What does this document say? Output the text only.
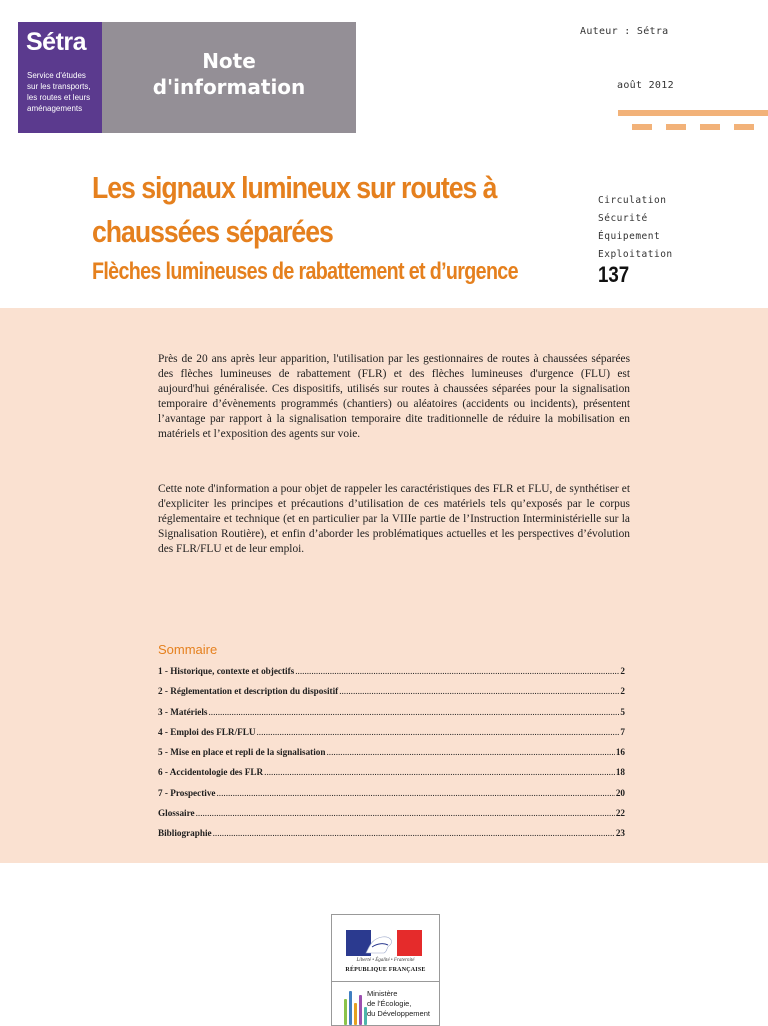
Sétra
Service d'études sur les transports, les routes et leurs aménagements
Note
d'information
Auteur : Sétra
août 2012
Les signaux lumineux sur routes à
chaussées séparées
Flèches lumineuses de rabattement et d’urgence
Circulation
Sécurité
Équipement
Exploitation
137

Près de 20 ans après leur apparition, l'utilisation par les gestionnaires de routes à chaussées séparées des flèches lumineuses de rabattement (FLR) et des flèches lumineuses d'urgence (FLU) est aujourd'hui généralisée. Ces dispositifs, utilisés sur routes à chaussées séparées pour la signalisation temporaire d’évènements programmés (chantiers) ou aléatoires (accidents ou incidents), présentent l’avantage par rapport à la signalisation temporaire dite traditionnelle de réduire la mobilisation en matériels et l’exposition des agents sur voie.

Cette note d'information a pour objet de rappeler les caractéristiques des FLR et FLU, de synthétiser et d'expliciter les principes et précautions d’utilisation de ces matériels tels qu’exposés par le corpus réglementaire et technique (et en particulier par la VIIIe partie de l’Instruction Interministérielle sur la Signalisation Routière), et enfin d’aborder les problématiques actuelles et les perspectives d’évolution des FLR/FLU et de leur emploi.

Sommaire
1 - Historique, contexte et objectifs .....	2
2 - Réglementation et description du dispositif .....	2
3 - Matériels .....	5
4 - Emploi des FLR/FLU .....	7
5 - Mise en place et repli de la signalisation .....	16
6 - Accidentologie des FLR .....	18
7 - Prospective .....	20
Glossaire .....	22
Bibliographie .....	23
Liberté • Égalité • Fraternité
RÉPUBLIQUE FRANÇAISE
Ministère
de l'Écologie,
du Développement
